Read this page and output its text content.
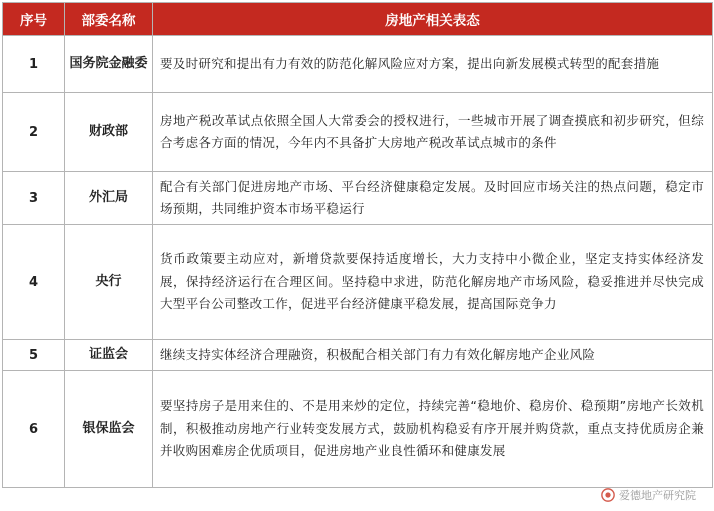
序号	部委名称	房地产相关表态
1	国务院金融委	要及时研究和提出有力有效的防范化解风险应对方案，提出向新发展模式转型的配套措施
2	财政部	房地产税改革试点依照全国人大常委会的授权进行，一些城市开展了调查摸底和初步研究，但综合考虑各方面的情况，今年内不具备扩大房地产税改革试点城市的条件
3	外汇局	配合有关部门促进房地产市场、平台经济健康稳定发展。及时回应市场关注的热点问题，稳定市场预期，共同维护资本市场平稳运行
4	央行	货币政策要主动应对，新增贷款要保持适度增长，大力支持中小微企业，坚定支持实体经济发展，保持经济运行在合理区间。坚持稳中求进，防范化解房地产市场风险，稳妥推进并尽快完成大型平台公司整改工作，促进平台经济健康平稳发展，提高国际竞争力
5	证监会	继续支持实体经济合理融资，积极配合相关部门有力有效化解房地产企业风险
6	银保监会	要坚持房子是用来住的、不是用来炒的定位，持续完善“稳地价、稳房价、稳预期”房地产长效机制，积极推动房地产行业转变发展方式，鼓励机构稳妥有序开展并购贷款，重点支持优质房企兼并收购困难房企优质项目，促进房地产业良性循环和健康发展
爱德地产研究院
